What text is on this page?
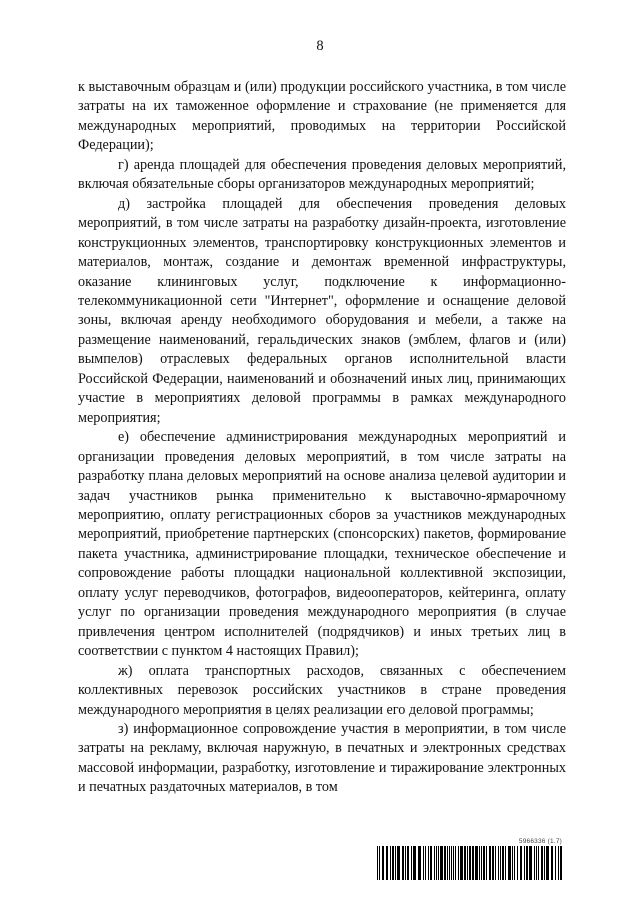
8

к выставочным образцам и (или) продукции российского участника, в том числе затраты на их таможенное оформление и страхование (не применяется для международных мероприятий, проводимых на территории Российской Федерации);

г) аренда площадей для обеспечения проведения деловых мероприятий, включая обязательные сборы организаторов международных мероприятий;

д) застройка площадей для обеспечения проведения деловых мероприятий, в том числе затраты на разработку дизайн-проекта, изготовление конструкционных элементов, транспортировку конструкционных элементов и материалов, монтаж, создание и демонтаж временной инфраструктуры, оказание клининговых услуг, подключение к информационно-телекоммуникационной сети "Интернет", оформление и оснащение деловой зоны, включая аренду необходимого оборудования и мебели, а также на размещение наименований, геральдических знаков (эмблем, флагов и (или) вымпелов) отраслевых федеральных органов исполнительной власти Российской Федерации, наименований и обозначений иных лиц, принимающих участие в мероприятиях деловой программы в рамках международного мероприятия;

е) обеспечение администрирования международных мероприятий и организации проведения деловых мероприятий, в том числе затраты на разработку плана деловых мероприятий на основе анализа целевой аудитории и задач участников рынка применительно к выставочно-ярмарочному мероприятию, оплату регистрационных сборов за участников международных мероприятий, приобретение партнерских (спонсорских) пакетов, формирование пакета участника, администрирование площадки, техническое обеспечение и сопровождение работы площадки национальной коллективной экспозиции, оплату услуг переводчиков, фотографов, видеооператоров, кейтеринга, оплату услуг по организации проведения международного мероприятия (в случае привлечения центром исполнителей (подрядчиков) и иных третьих лиц в соответствии с пунктом 4 настоящих Правил);

ж) оплата транспортных расходов, связанных с обеспечением коллективных перевозок российских участников в стране проведения международного мероприятия в целях реализации его деловой программы;

з) информационное сопровождение участия в мероприятии, в том числе затраты на рекламу, включая наружную, в печатных и электронных средствах массовой информации, разработку, изготовление и тиражирование электронных и печатных раздаточных материалов, в том

5966336 (1.7)
